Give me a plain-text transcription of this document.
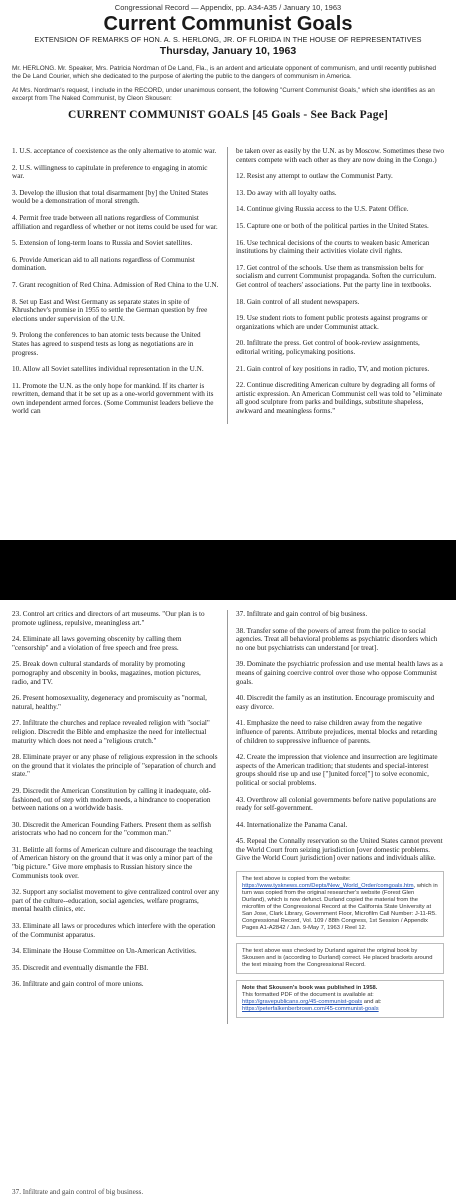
Congressional Record — Appendix, pp. A34-A35 / January 10, 1963
Current Communist Goals
EXTENSION OF REMARKS OF HON. A. S. HERLONG, JR. OF FLORIDA IN THE HOUSE OF REPRESENTATIVES
Thursday, January 10, 1963

Mr. HERLONG. Mr. Speaker, Mrs. Patricia Nordman of De Land, Fla., is an ardent and articulate opponent of communism, and until recently published the De Land Courier, which she dedicated to the purpose of alerting the public to the dangers of communism in America.

At Mrs. Nordman's request, I include in the RECORD, under unanimous consent, the following "Current Communist Goals," which she identifies as an excerpt from The Naked Communist, by Cleon Skousen:

CURRENT COMMUNIST GOALS [45 Goals - See Back Page]
1. U.S. acceptance of coexistence as the only alternative to atomic war.
2. U.S. willingness to capitulate in preference to engaging in atomic war.
3. Develop the illusion that total disarmament [by] the United States would be a demonstration of moral strength.
4. Permit free trade between all nations regardless of Communist affiliation and regardless of whether or not items could be used for war.
5. Extension of long-term loans to Russia and Soviet satellites.
6. Provide American aid to all nations regardless of Communist domination.
7. Grant recognition of Red China. Admission of Red China to the U.N.
8. Set up East and West Germany as separate states in spite of Khrushchev's promise in 1955 to settle the German question by free elections under supervision of the U.N.
9. Prolong the conferences to ban atomic tests because the United States has agreed to suspend tests as long as negotiations are in progress.
10. Allow all Soviet satellites individual representation in the U.N.
11. Promote the U.N. as the only hope for mankind. If its charter is rewritten, demand that it be set up as a one-world government with its own independent armed forces. (Some Communist leaders believe the world can
be taken over as easily by the U.N. as by Moscow. Sometimes these two centers compete with each other as they are now doing in the Congo.)
12. Resist any attempt to outlaw the Communist Party.
13. Do away with all loyalty oaths.
14. Continue giving Russia access to the U.S. Patent Office.
15. Capture one or both of the political parties in the United States.
16. Use technical decisions of the courts to weaken basic American institutions by claiming their activities violate civil rights.
17. Get control of the schools. Use them as transmission belts for socialism and current Communist propaganda. Soften the curriculum. Get control of teachers' associations. Put the party line in textbooks.
18. Gain control of all student newspapers.
19. Use student riots to foment public protests against programs or organizations which are under Communist attack.
20. Infiltrate the press. Get control of book-review assignments, editorial writing, policymaking positions.
21. Gain control of key positions in radio, TV, and motion pictures.
22. Continue discrediting American culture by degrading all forms of artistic expression. An American Communist cell was told to "eliminate all good sculpture from parks and buildings, substitute shapeless, awkward and meaningless forms."
23. Control art critics and directors of art museums. "Our plan is to promote ugliness, repulsive, meaningless art."
24. Eliminate all laws governing obscenity by calling them "censorship" and a violation of free speech and free press.
25. Break down cultural standards of morality by promoting pornography and obscenity in books, magazines, motion pictures, radio, and TV.
26. Present homosexuality, degeneracy and promiscuity as "normal, natural, healthy."
27. Infiltrate the churches and replace revealed religion with "social" religion. Discredit the Bible and emphasize the need for intellectual maturity which does not need a "religious crutch."
28. Eliminate prayer or any phase of religious expression in the schools on the ground that it violates the principle of "separation of church and state."
29. Discredit the American Constitution by calling it inadequate, old-fashioned, out of step with modern needs, a hindrance to cooperation between nations on a worldwide basis.
30. Discredit the American Founding Fathers. Present them as selfish aristocrats who had no concern for the "common man."
31. Belittle all forms of American culture and discourage the teaching of American history on the ground that it was only a minor part of the "big picture." Give more emphasis to Russian history since the Communists took over.
32. Support any socialist movement to give centralized control over any part of the culture--education, social agencies, welfare programs, mental health clinics, etc.
33. Eliminate all laws or procedures which interfere with the operation of the Communist apparatus.
34. Eliminate the House Committee on Un-American Activities.
35. Discredit and eventually dismantle the FBI.
36. Infiltrate and gain control of more unions.
37. Infiltrate and gain control of big business.
38. Transfer some of the powers of arrest from the police to social agencies. Treat all behavioral problems as psychiatric disorders which no one but psychiatrists can understand [or treat].
39. Dominate the psychiatric profession and use mental health laws as a means of gaining coercive control over those who oppose Communist goals.
40. Discredit the family as an institution. Encourage promiscuity and easy divorce.
41. Emphasize the need to raise children away from the negative influence of parents. Attribute prejudices, mental blocks and retarding of children to suppressive influence of parents.
42. Create the impression that violence and insurrection are legitimate aspects of the American tradition; that students and special-interest groups should rise up and use ["]united force["] to solve economic, political or social problems.
43. Overthrow all colonial governments before native populations are ready for self-government.
44. Internationalize the Panama Canal.
45. Repeal the Connally reservation so the United States cannot prevent the World Court from seizing jurisdiction [over domestic problems. Give the World Court jurisdiction] over nations and individuals alike.
The text above is copied from the website:
https://www.tysknews.com/Depts/New_World_Order/comgoals.htm, which in turn was copied from the original researcher's website (Forest Glen Durland), which is now defunct. Durland copied the material from the microfilm of the Congressional Record at the California State University at San Jose, Clark Library, Government Floor, Microfilm Call Number: J-11-R5. Congressional Record, Vol. 109 / 88th Congress, 1st Session / Appendix Pages A1-A2842 / Jan. 9-May 7, 1963 / Reel 12.
The text above was checked by Durland against the original book by Skousen and is (according to Durland) correct. He placed brackets around the text missing from the Congressional Record.
Note that Skousen's book was published in 1958.
This formatted PDF of the document is available at:
https://gravepublicans.org/45-communist-goals and at:
https://peterfalkenberbrown.com/45-communist-goals
37. Infiltrate and gain control of big business.
